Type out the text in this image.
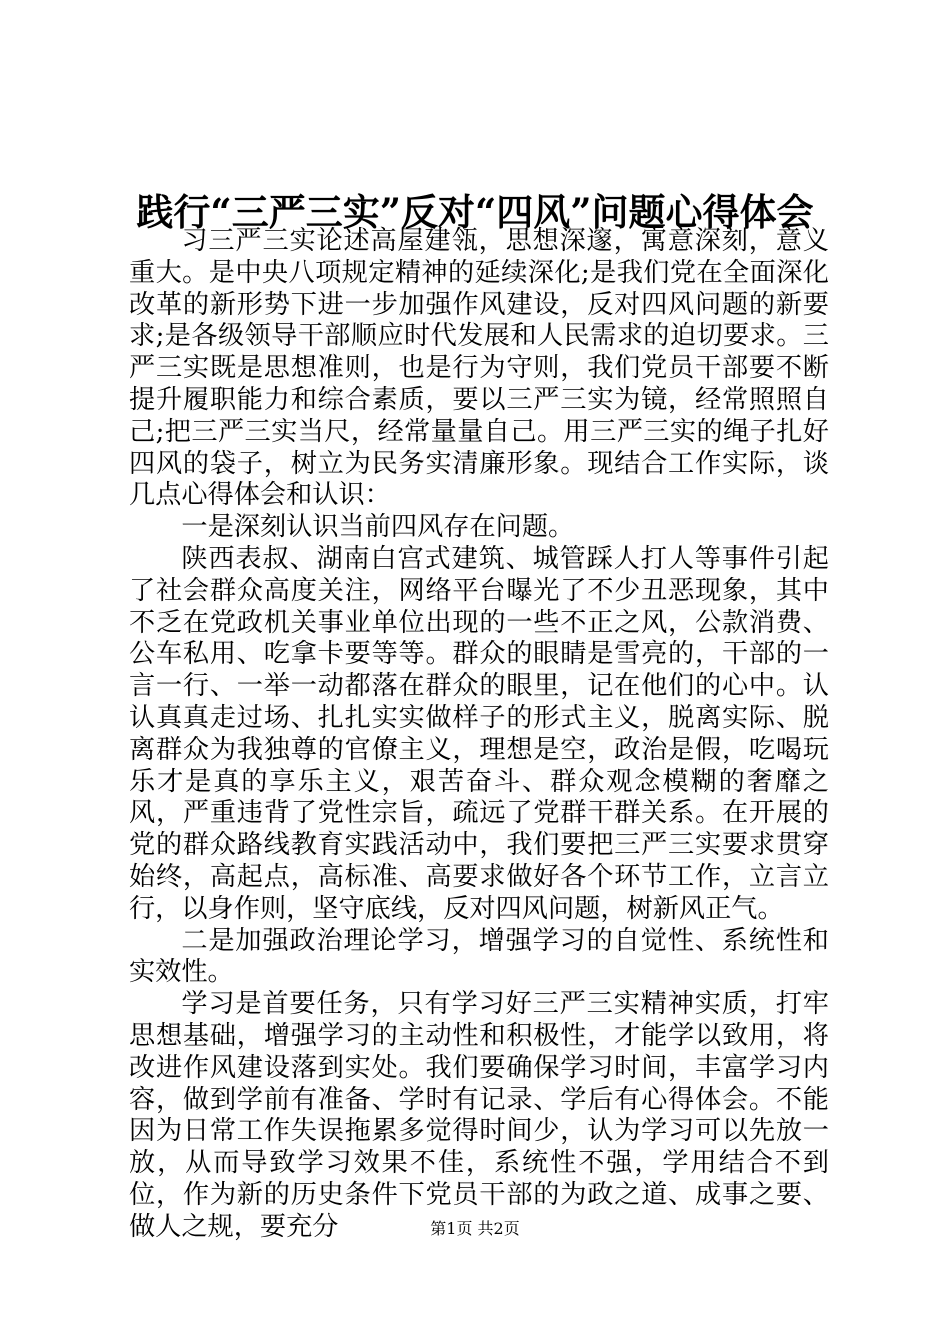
践行“三严三实”反对“四风”问题心得体会

习三严三实论述高屋建瓴，思想深邃，寓意深刻，意义重大。是中央八项规定精神的延续深化;是我们党在全面深化改革的新形势下进一步加强作风建设，反对四风问题的新要求;是各级领导干部顺应时代发展和人民需求的迫切要求。三严三实既是思想准则，也是行为守则，我们党员干部要不断提升履职能力和综合素质，要以三严三实为镜，经常照照自己;把三严三实当尺，经常量量自己。用三严三实的绳子扎好四风的袋子，树立为民务实清廉形象。现结合工作实际，谈几点心得体会和认识：

一是深刻认识当前四风存在问题。

陕西表叔、湖南白宫式建筑、城管踩人打人等事件引起了社会群众高度关注，网络平台曝光了不少丑恶现象，其中不乏在党政机关事业单位出现的一些不正之风，公款消费、公车私用、吃拿卡要等等。群众的眼睛是雪亮的，干部的一言一行、一举一动都落在群众的眼里，记在他们的心中。认认真真走过场、扎扎实实做样子的形式主义，脱离实际、脱离群众为我独尊的官僚主义，理想是空，政治是假，吃喝玩乐才是真的享乐主义，艰苦奋斗、群众观念模糊的奢靡之风，严重违背了党性宗旨，疏远了党群干群关系。在开展的党的群众路线教育实践活动中，我们要把三严三实要求贯穿始终，高起点，高标准、高要求做好各个环节工作，立言立行，以身作则，坚守底线，反对四风问题，树新风正气。

二是加强政治理论学习，增强学习的自觉性、系统性和实效性。

学习是首要任务，只有学习好三严三实精神实质，打牢思想基础，增强学习的主动性和积极性，才能学以致用，将改进作风建设落到实处。我们要确保学习时间，丰富学习内容，做到学前有准备、学时有记录、学后有心得体会。不能因为日常工作失误拖累多觉得时间少，认为学习可以先放一放，从而导致学习效果不佳，系统性不强，学用结合不到位，作为新的历史条件下党员干部的为政之道、成事之要、做人之规，要充分	第1页 共2页
